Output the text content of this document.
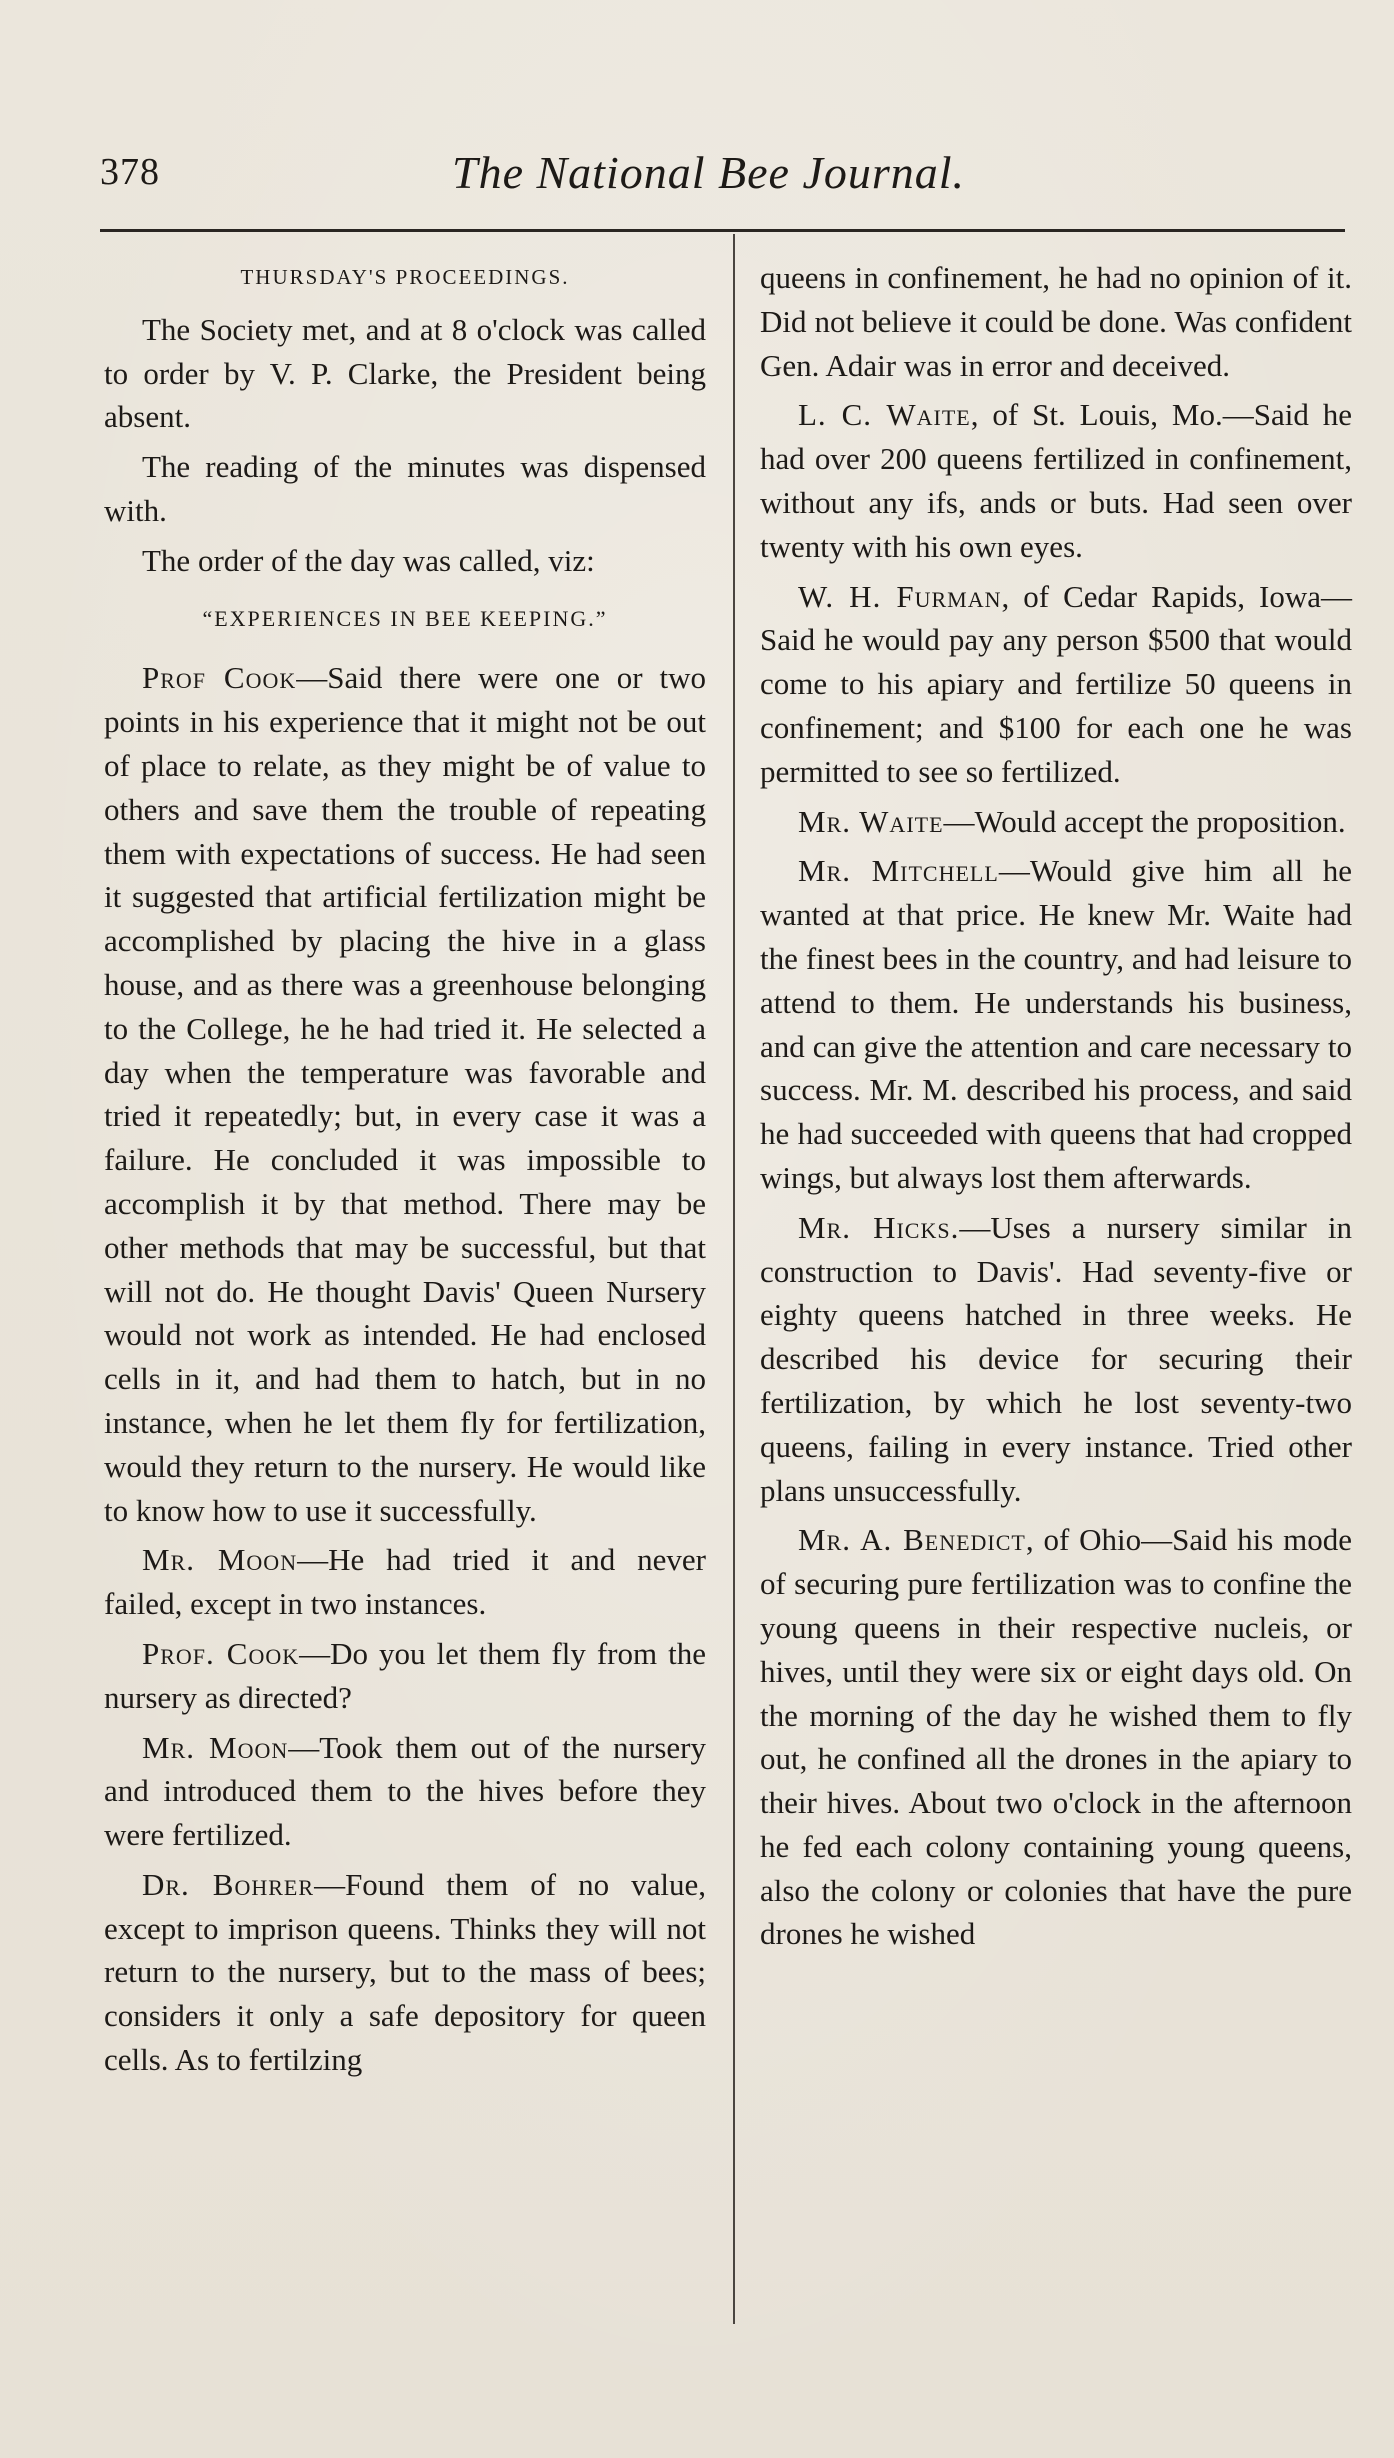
378	The National Bee Journal.
THURSDAY'S PROCEEDINGS.

The Society met, and at 8 o'clock was called to order by V. P. Clarke, the President being absent.

The reading of the minutes was dispensed with.

The order of the day was called, viz:

“EXPERIENCES IN BEE KEEPING.”

Prof Cook—Said there were one or two points in his experience that it might not be out of place to relate, as they might be of value to others and save them the trouble of repeating them with expectations of success. He had seen it suggested that artificial fertilization might be accomplished by placing the hive in a glass house, and as there was a greenhouse belonging to the College, he he had tried it. He selected a day when the temperature was favorable and tried it repeatedly; but, in every case it was a failure. He concluded it was impossible to accomplish it by that method. There may be other methods that may be successful, but that will not do. He thought Davis' Queen Nursery would not work as intended. He had enclosed cells in it, and had them to hatch, but in no instance, when he let them fly for fertilization, would they return to the nursery. He would like to know how to use it successfully.

Mr. Moon—He had tried it and never failed, except in two instances.

Prof. Cook—Do you let them fly from the nursery as directed?

Mr. Moon—Took them out of the nursery and introduced them to the hives before they were fertilized.

Dr. Bohrer—Found them of no value, except to imprison queens. Thinks they will not return to the nursery, but to the mass of bees; considers it only a safe depository for queen cells. As to fertilzing

queens in confinement, he had no opinion of it. Did not believe it could be done. Was confident Gen. Adair was in error and deceived.

L. C. Waite, of St. Louis, Mo.—Said he had over 200 queens fertilized in confinement, without any ifs, ands or buts. Had seen over twenty with his own eyes.

W. H. Furman, of Cedar Rapids, Iowa—Said he would pay any person $500 that would come to his apiary and fertilize 50 queens in confinement; and $100 for each one he was permitted to see so fertilized.

Mr. Waite—Would accept the proposition.

Mr. Mitchell—Would give him all he wanted at that price. He knew Mr. Waite had the finest bees in the country, and had leisure to attend to them. He understands his business, and can give the attention and care necessary to success. Mr. M. described his process, and said he had succeeded with queens that had cropped wings, but always lost them afterwards.

Mr. Hicks.—Uses a nursery similar in construction to Davis'. Had seventy-five or eighty queens hatched in three weeks. He described his device for securing their fertilization, by which he lost seventy-two queens, failing in every instance. Tried other plans unsuccessfully.

Mr. A. Benedict, of Ohio—Said his mode of securing pure fertilization was to confine the young queens in their respective nucleis, or hives, until they were six or eight days old. On the morning of the day he wished them to fly out, he confined all the drones in the apiary to their hives. About two o'clock in the afternoon he fed each colony containing young queens, also the colony or colonies that have the pure drones he wished
